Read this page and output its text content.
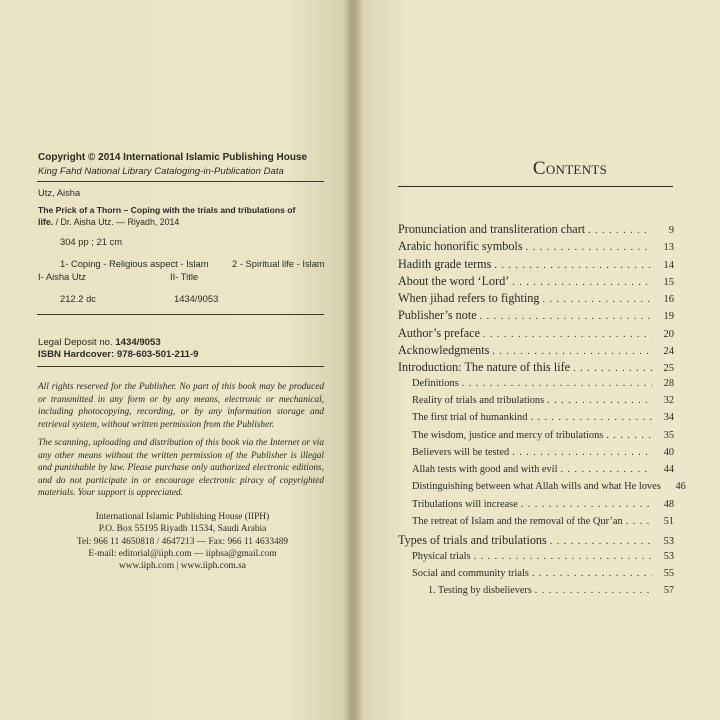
Copyright © 2014 International Islamic Publishing House
King Fahd National Library Cataloging-in-Publication Data
Utz, Aisha
The Prick of a Thorn – Coping with the trials and tribulations of
life. / Dr. Aisha Utz. — Riyadh, 2014
304 pp ; 21 cm
1- Coping - Religious aspect - Islam	2 - Spiritual life - Islam
I- Aisha Utz	II- Title
212.2 dc	1434/9053
Legal Deposit no. 1434/9053
ISBN Hardcover: 978-603-501-211-9
All rights reserved for the Publisher. No part of this book may be produced or transmitted in any form or by any means, electronic or mechanical, including photocopying, recording, or by any information storage and retrieval system, without written permission from the Publisher.
The scanning, uploading and distribution of this book via the Internet or via any other means without the written permission of the Publisher is illegal and punishable by law. Please purchase only authorized electronic editions, and do not participate in or encourage electronic piracy of copyrighted materials. Your support is appreciated.
International Islamic Publishing House (IIPH)
P.O. Box 55195 Riyadh 11534, Saudi Arabia
Tel: 966 11 4650818 / 4647213 — Fax: 966 11 4633489
E-mail: editorial@iiph.com — iiphsa@gmail.com
www.iiph.com | www.iiph.com.sa
Contents
Pronunciation and transliteration chart . . .	9
Arabic honorific symbols . . .	13
Hadith grade terms . . .	14
About the word ‘Lord’ . . .	15
When jihad refers to fighting . . .	16
Publisher’s note . . .	19
Author’s preface . . .	20
Acknowledgments . . .	24
Introduction: The nature of this life . . .	25
Definitions . . .	28
Reality of trials and tribulations . . .	32
The first trial of humankind . . .	34
The wisdom, justice and mercy of tribulations . . .	35
Believers will be tested . . .	40
Allah tests with good and with evil . . .	44
Distinguishing between what Allah wills and what He loves	46
Tribulations will increase . . .	48
The retreat of Islam and the removal of the Qur’an . . .	51
Types of trials and tribulations . . .	53
Physical trials . . .	53
Social and community trials . . .	55
1. Testing by disbelievers . . .	57
